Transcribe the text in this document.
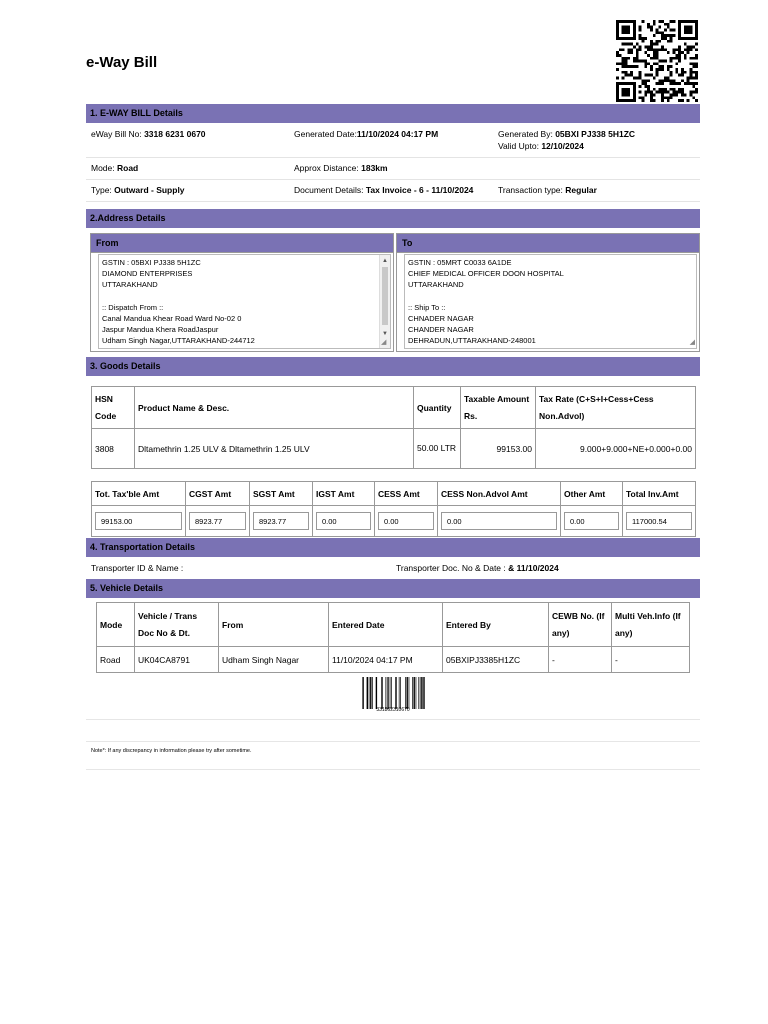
e-Way Bill
1. E-WAY BILL Details
eWay Bill No: 3318 6231 0670	Generated Date:11/10/2024 04:17 PM	Generated By: 05BXI PJ338 5H1ZC
Valid Upto: 12/10/2024
Mode: Road	Approx Distance: 183km
Type: Outward - Supply	Document Details: Tax Invoice - 6 - 11/10/2024	Transaction type: Regular
2.Address Details
From
GSTIN : 05BXI PJ338 5H1ZC
DIAMOND ENTERPRISES
UTTARAKHAND
:: Dispatch From ::
Canal Mandua Khear Road Ward No-02 0
Jaspur Mandua Khera RoadJaspur
Udham Singh Nagar,UTTARAKHAND-244712
▲
▼
◢
To
GSTIN : 05MRT C0033 6A1DE
CHIEF MEDICAL OFFICER DOON HOSPITAL
UTTARAKHAND
:: Ship To ::
CHNADER NAGAR
CHANDER NAGAR
DEHRADUN,UTTARAKHAND-248001	◢
3. Goods Details
HSN Code	Product Name & Desc.	Quantity	Taxable Amount Rs.	Tax Rate (C+S+I+Cess+Cess Non.Advol)
3808	Dltamethrin 1.25 ULV & Dltamethrin 1.25 ULV	50.00 LTR	99153.00	9.000+9.000+NE+0.000+0.00
Tot. Tax'ble Amt	CGST Amt	SGST Amt	IGST Amt	CESS Amt	CESS Non.Advol Amt	Other Amt	Total Inv.Amt

99153.00	8923.77	8923.77	0.00	0.00	0.00	0.00	117000.54
4. Transportation Details
Transporter ID & Name :	Transporter Doc. No & Date : & 11/10/2024
5. Vehicle Details
Mode	Vehicle / Trans Doc No & Dt.	From	Entered Date	Entered By	CEWB No. (If any)	Multi Veh.Info (If any)
Road	UK04CA8791	Udham Singh Nagar	11/10/2024 04:17 PM	05BXIPJ3385H1ZC	-	-
331862310670
Note*: If any discrepancy in information please try after sometime.
